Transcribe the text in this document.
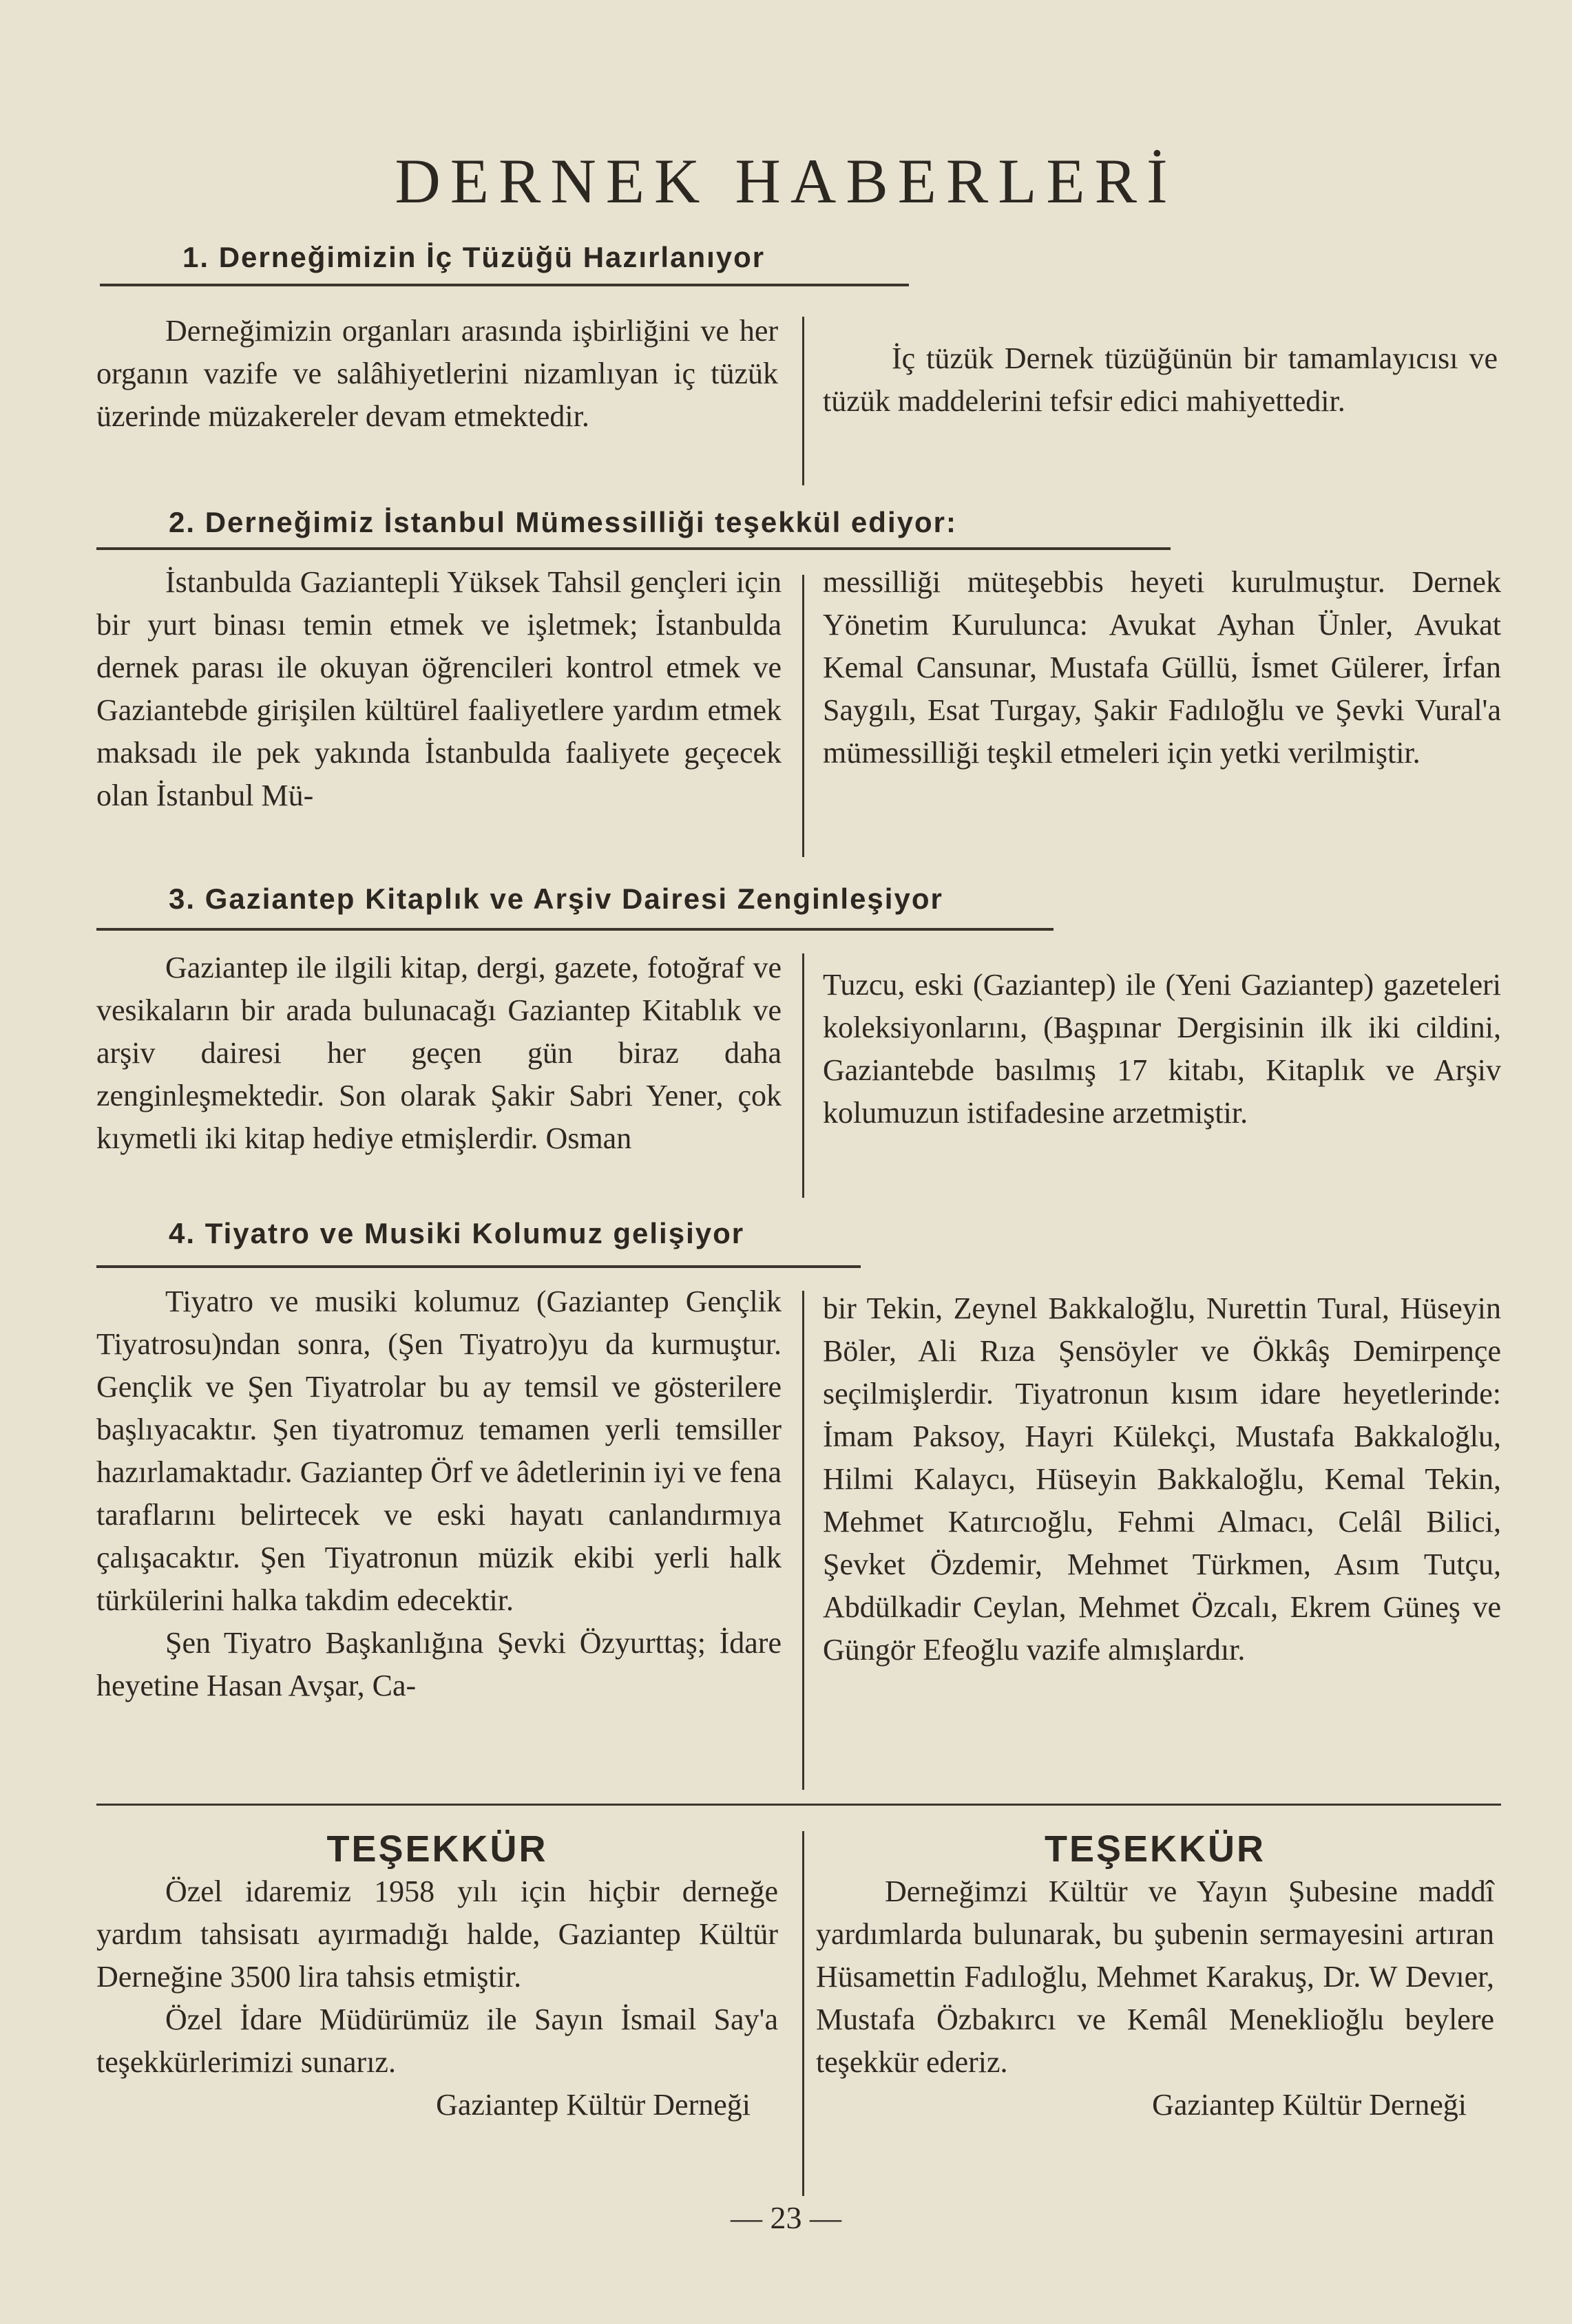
DERNEK HABERLERİ
1. Derneğimizin İç Tüzüğü Hazırlanıyor

Derneğimizin organları arasında işbirliğini ve her organın vazife ve salâhiyetlerini nizamlıyan iç tüzük üzerinde müzakereler devam etmektedir.

İç tüzük Dernek tüzüğünün bir tamamlayıcısı ve tüzük maddelerini tefsir edici mahiyettedir.

2. Derneğimiz İstanbul Mümessilliği teşekkül ediyor:

İstanbulda Gaziantepli Yüksek Tahsil gençleri için bir yurt binası temin etmek ve işletmek; İstanbulda dernek parası ile okuyan öğrencileri kontrol etmek ve Gaziantebde girişilen kültürel faaliyetlere yardım etmek maksadı ile pek yakında İstanbulda faaliyete geçecek olan İstanbul Mü-

messilliği müteşebbis heyeti kurulmuştur. Dernek Yönetim Kurulunca: Avukat Ayhan Ünler, Avukat Kemal Cansunar, Mustafa Güllü, İsmet Gülerer, İrfan Saygılı, Esat Turgay, Şakir Fadıloğlu ve Şevki Vural'a mümessilliği teşkil etmeleri için yetki verilmiştir.

3. Gaziantep Kitaplık ve Arşiv Dairesi Zenginleşiyor

Gaziantep ile ilgili kitap, dergi, gazete, fotoğraf ve vesikaların bir arada bulunacağı Gaziantep Kitablık ve arşiv dairesi her geçen gün biraz daha zenginleşmektedir. Son olarak Şakir Sabri Yener, çok kıymetli iki kitap hediye etmişlerdir. Osman

Tuzcu, eski (Gaziantep) ile (Yeni Gaziantep) gazeteleri koleksiyonlarını, (Başpınar Dergisinin ilk iki cildini, Gaziantebde basılmış 17 kitabı, Kitaplık ve Arşiv kolumuzun istifadesine arzetmiştir.

4. Tiyatro ve Musiki Kolumuz gelişiyor

Tiyatro ve musiki kolumuz (Gaziantep Gençlik Tiyatrosu)ndan sonra, (Şen Tiyatro)yu da kurmuştur. Gençlik ve Şen Tiyatrolar bu ay temsil ve gösterilere başlıyacaktır. Şen tiyatromuz temamen yerli temsiller hazırlamaktadır. Gaziantep Örf ve âdetlerinin iyi ve fena taraflarını belirtecek ve eski hayatı canlandırmıya çalışacaktır. Şen Tiyatronun müzik ekibi yerli halk türkülerini halka takdim edecektir.

Şen Tiyatro Başkanlığına Şevki Özyurttaş; İdare heyetine Hasan Avşar, Ca-

bir Tekin, Zeynel Bakkaloğlu, Nurettin Tural, Hüseyin Böler, Ali Rıza Şensöyler ve Ökkâş Demirpençe seçilmişlerdir. Tiyatronun kısım idare heyetlerinde: İmam Paksoy, Hayri Külekçi, Mustafa Bakkaloğlu, Hilmi Kalaycı, Hüseyin Bakkaloğlu, Kemal Tekin, Mehmet Katırcıoğlu, Fehmi Almacı, Celâl Bilici, Şevket Özdemir, Mehmet Türkmen, Asım Tutçu, Abdülkadir Ceylan, Mehmet Özcalı, Ekrem Güneş ve Güngör Efeoğlu vazife almışlardır.

TEŞEKKÜR

Özel idaremiz 1958 yılı için hiçbir derneğe yardım tahsisatı ayırmadığı halde, Gaziantep Kültür Derneğine 3500 lira tahsis etmiştir.

Özel İdare Müdürümüz ile Sayın İsmail Say'a teşekkürlerimizi sunarız.

Gaziantep Kültür Derneği

TEŞEKKÜR

Derneğimzi Kültür ve Yayın Şubesine maddî yardımlarda bulunarak, bu şubenin sermayesini artıran Hüsamettin Fadıloğlu, Mehmet Karakuş, Dr. W Devıer, Mustafa Özbakırcı ve Kemâl Meneklioğlu beylere teşekkür ederiz.

Gaziantep Kültür Derneği

— 23 —
